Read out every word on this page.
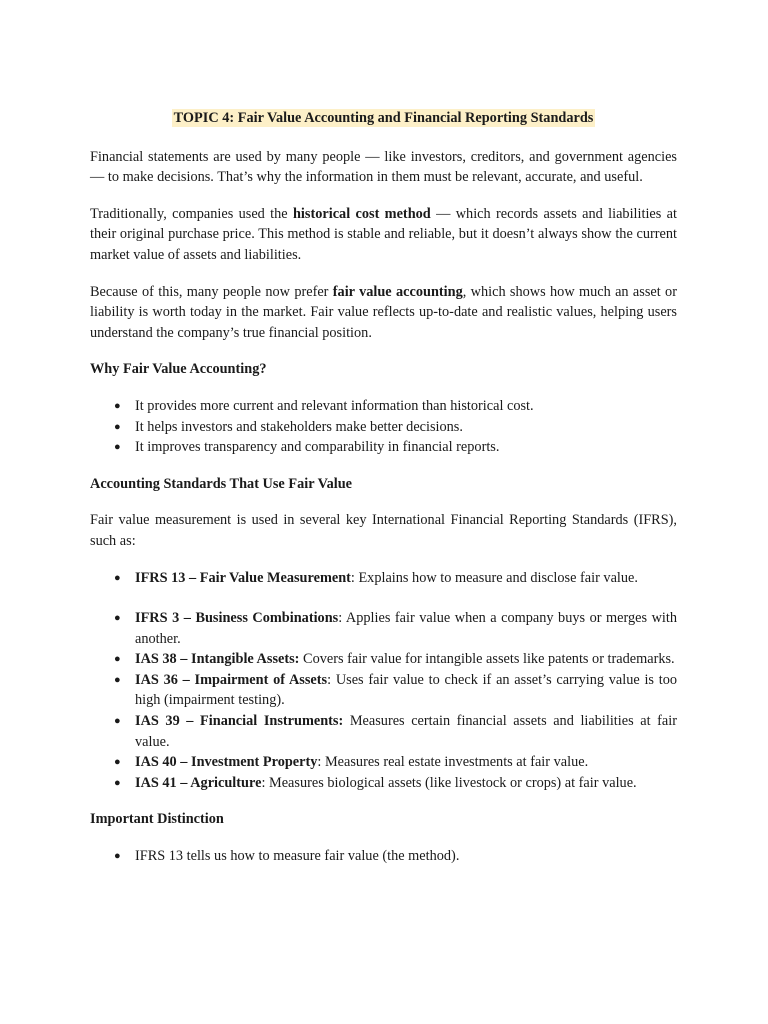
TOPIC 4: Fair Value Accounting and Financial Reporting Standards

Financial statements are used by many people — like investors, creditors, and government agencies — to make decisions. That’s why the information in them must be relevant, accurate, and useful.

Traditionally, companies used the historical cost method — which records assets and liabilities at their original purchase price. This method is stable and reliable, but it doesn’t always show the current market value of assets and liabilities.

Because of this, many people now prefer fair value accounting, which shows how much an asset or liability is worth today in the market. Fair value reflects up-to-date and realistic values, helping users understand the company’s true financial position.

Why Fair Value Accounting?
● It provides more current and relevant information than historical cost.
● It helps investors and stakeholders make better decisions.
● It improves transparency and comparability in financial reports.
Accounting Standards That Use Fair Value

Fair value measurement is used in several key International Financial Reporting Standards (IFRS), such as:

● IFRS 13 – Fair Value Measurement: Explains how to measure and disclose fair value.
● IFRS 3 – Business Combinations: Applies fair value when a company buys or merges with another.
● IAS 38 – Intangible Assets: Covers fair value for intangible assets like patents or trademarks.
● IAS 36 – Impairment of Assets: Uses fair value to check if an asset’s carrying value is too high (impairment testing).
● IAS 39 – Financial Instruments: Measures certain financial assets and liabilities at fair value.
● IAS 40 – Investment Property: Measures real estate investments at fair value.
● IAS 41 – Agriculture: Measures biological assets (like livestock or crops) at fair value.
Important Distinction
● IFRS 13 tells us how to measure fair value (the method).
